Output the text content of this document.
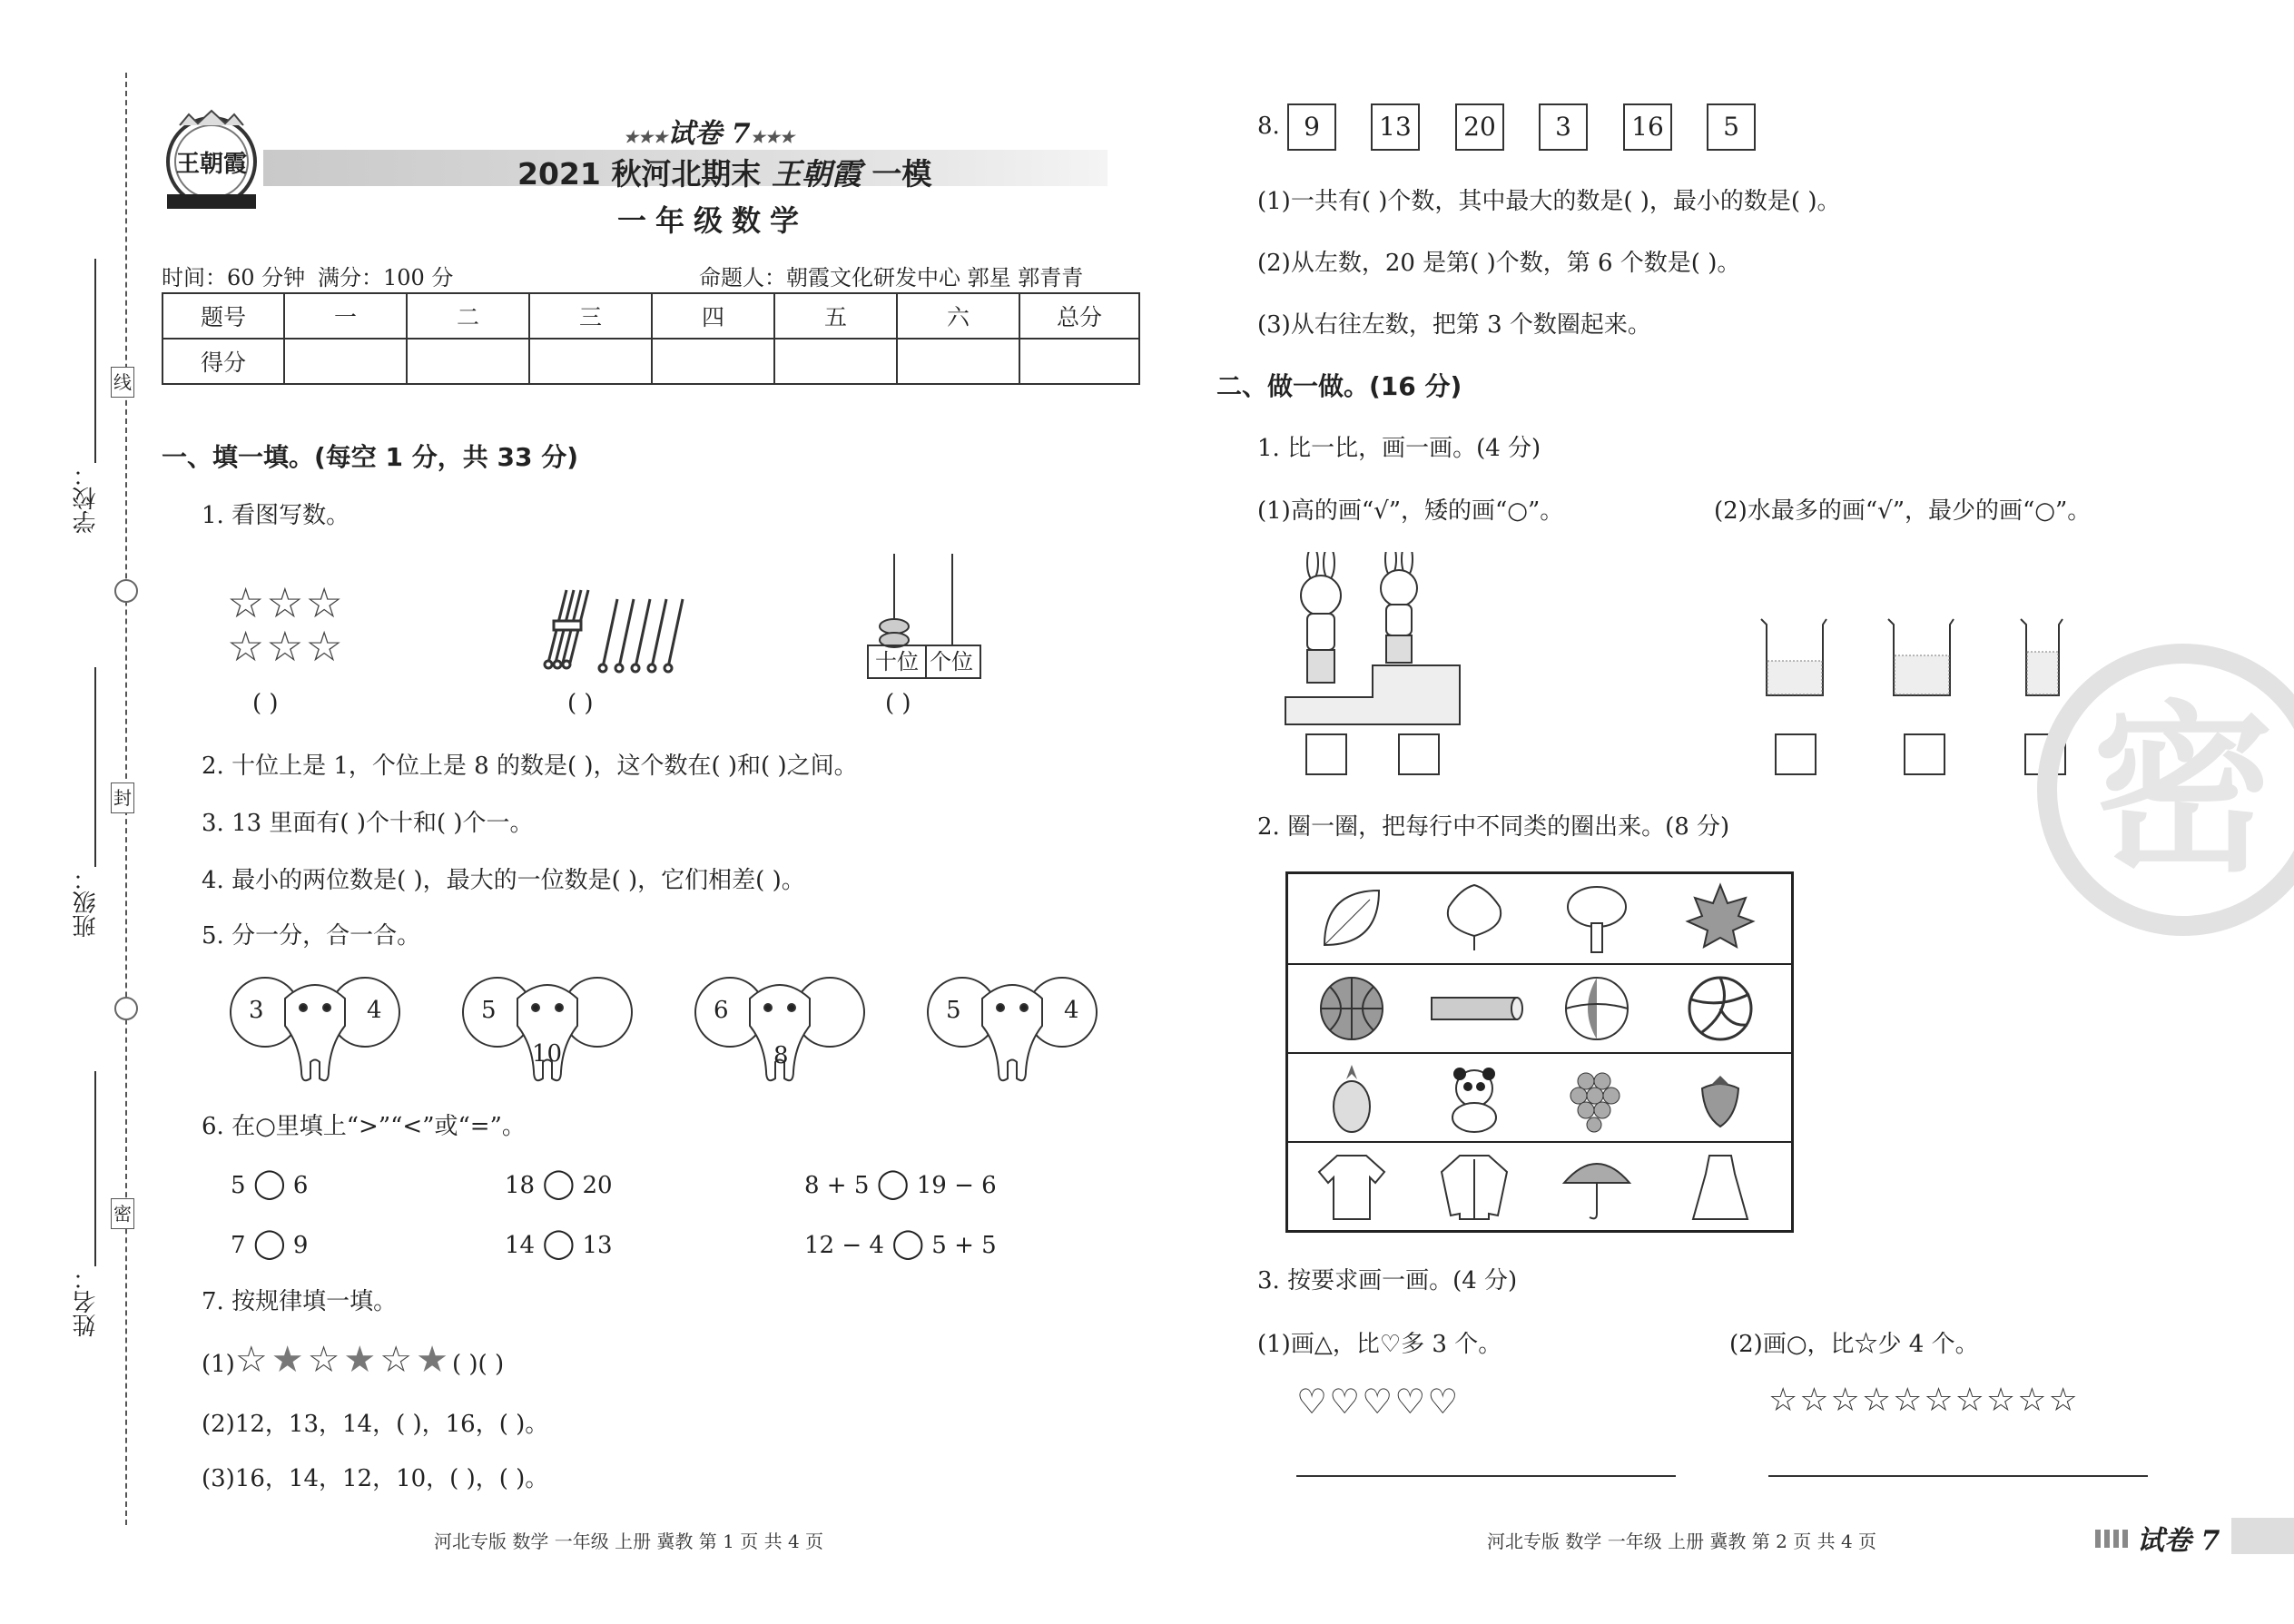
学校：
班级：
姓名：
线
封
密
王朝霞
★★★试卷 7★★★
2021 秋河北期末 王朝霞 一模
一年级数学
时间：60 分钟 满分：100 分	命题人：朝霞文化研发中心 郭星 郭青青
题号	一	二	三	四	五	六	总分
得分							
一、填一填。(每空 1 分，共 33 分)
1. 看图写数。
☆☆☆
☆☆☆
( )	( )
十位 个位
( )
2. 十位上是 1，个位上是 8 的数是( )，这个数在( )和( )之间。
3. 13 里面有( )个十和( )个一。
4. 最小的两位数是( )，最大的一位数是( )，它们相差( )。
5. 分一分，合一合。
3	4	5
10
6
8
5	4
6. 在○里填上“>”“<”或“=”。
5 ◯ 6	18 ◯ 20	8 + 5 ◯ 19 − 6
7 ◯ 9	14 ◯ 13	12 − 4 ◯ 5 + 5
7. 按规律填一填。
(1)☆★☆★☆★( )( )
(2)12，13，14，( )，16，( )。
(3)16，14，12，10，( )，( )。
河北专版 数学 一年级 上册 冀教 第 1 页 共 4 页
8. 9	13	20	3	16	5
(1)一共有( )个数，其中最大的数是( )，最小的数是( )。
(2)从左数，20 是第( )个数，第 6 个数是( )。
(3)从右往左数，把第 3 个数圈起来。
二、做一做。(16 分)
1. 比一比，画一画。(4 分)
(1)高的画“√”，矮的画“○”。	(2)水最多的画“√”，最少的画“○”。
2. 圈一圈，把每行中不同类的圈出来。(8 分)
3. 按要求画一画。(4 分)
(1)画△，比♡多 3 个。	(2)画○，比☆少 4 个。
♡♡♡♡♡	☆☆☆☆☆☆☆☆☆☆
密
河北专版 数学 一年级 上册 冀教 第 2 页 共 4 页	试卷 7
